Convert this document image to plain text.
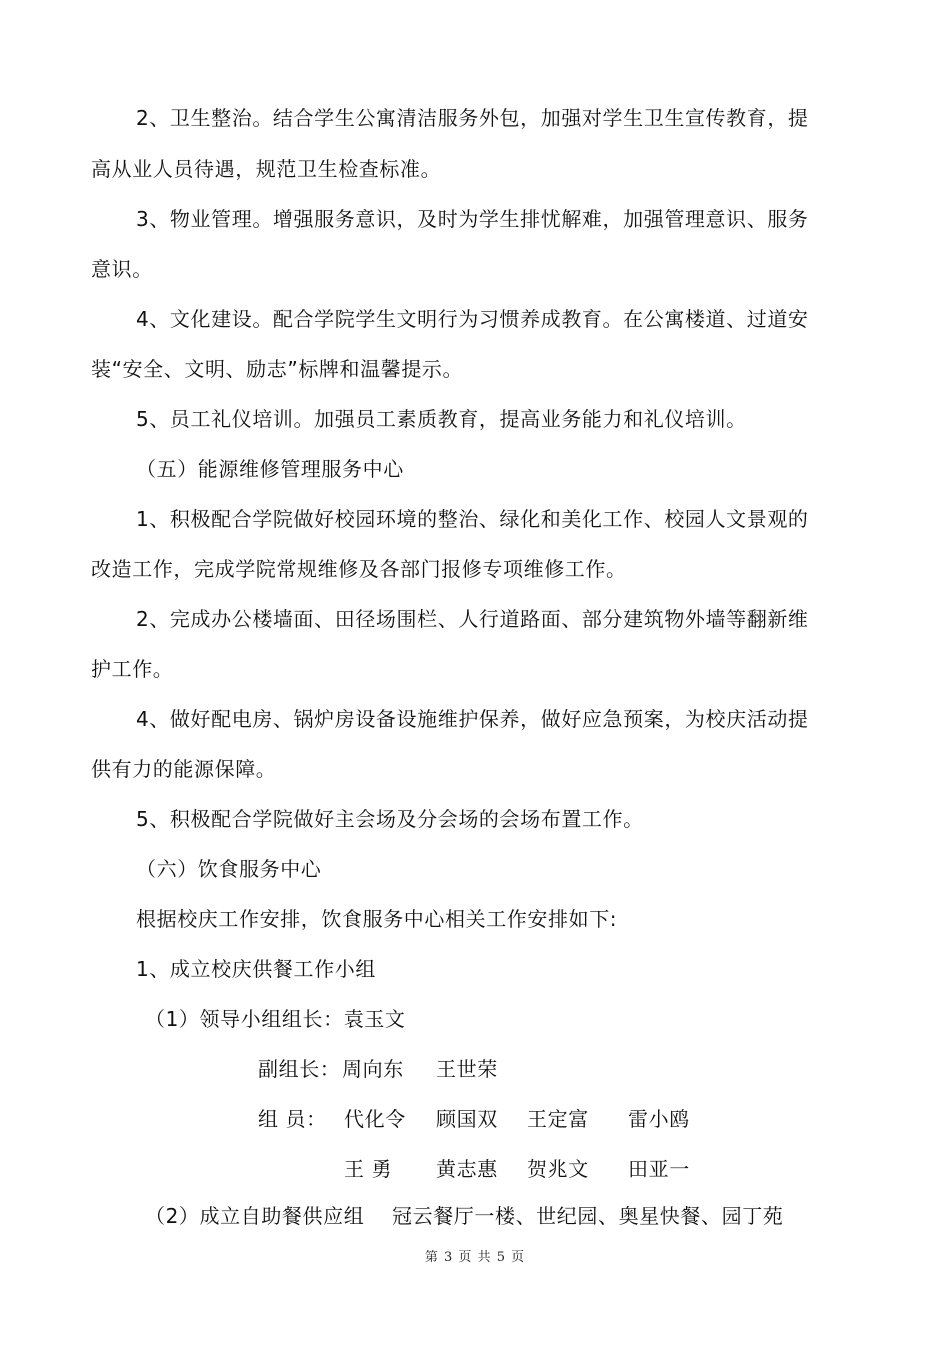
2、卫生整治。结合学生公寓清洁服务外包，加强对学生卫生宣传教育，提
高从业人员待遇，规范卫生检查标准。
3、物业管理。增强服务意识，及时为学生排忧解难，加强管理意识、服务
意识。
4、文化建设。配合学院学生文明行为习惯养成教育。在公寓楼道、过道安
装“安全、文明、励志”标牌和温馨提示。
5、员工礼仪培训。加强员工素质教育，提高业务能力和礼仪培训。
（五）能源维修管理服务中心
1、积极配合学院做好校园环境的整治、绿化和美化工作、校园人文景观的
改造工作，完成学院常规维修及各部门报修专项维修工作。
2、完成办公楼墙面、田径场围栏、人行道路面、部分建筑物外墙等翻新维
护工作。
4、做好配电房、锅炉房设备设施维护保养，做好应急预案，为校庆活动提
供有力的能源保障。
5、积极配合学院做好主会场及分会场的会场布置工作。
（六）饮食服务中心
根据校庆工作安排，饮食服务中心相关工作安排如下:
1、成立校庆供餐工作小组
（1）领导小组组长：袁玉文
副组长： 周向东 王世荣
组 员： 代化令 顾国双 王定富 雷小鸥
王 勇 黄志惠 贺兆文 田亚一
（2）成立自助餐供应组 冠云餐厅一楼、世纪园、奥星快餐、园丁苑
第 3 页 共 5 页
